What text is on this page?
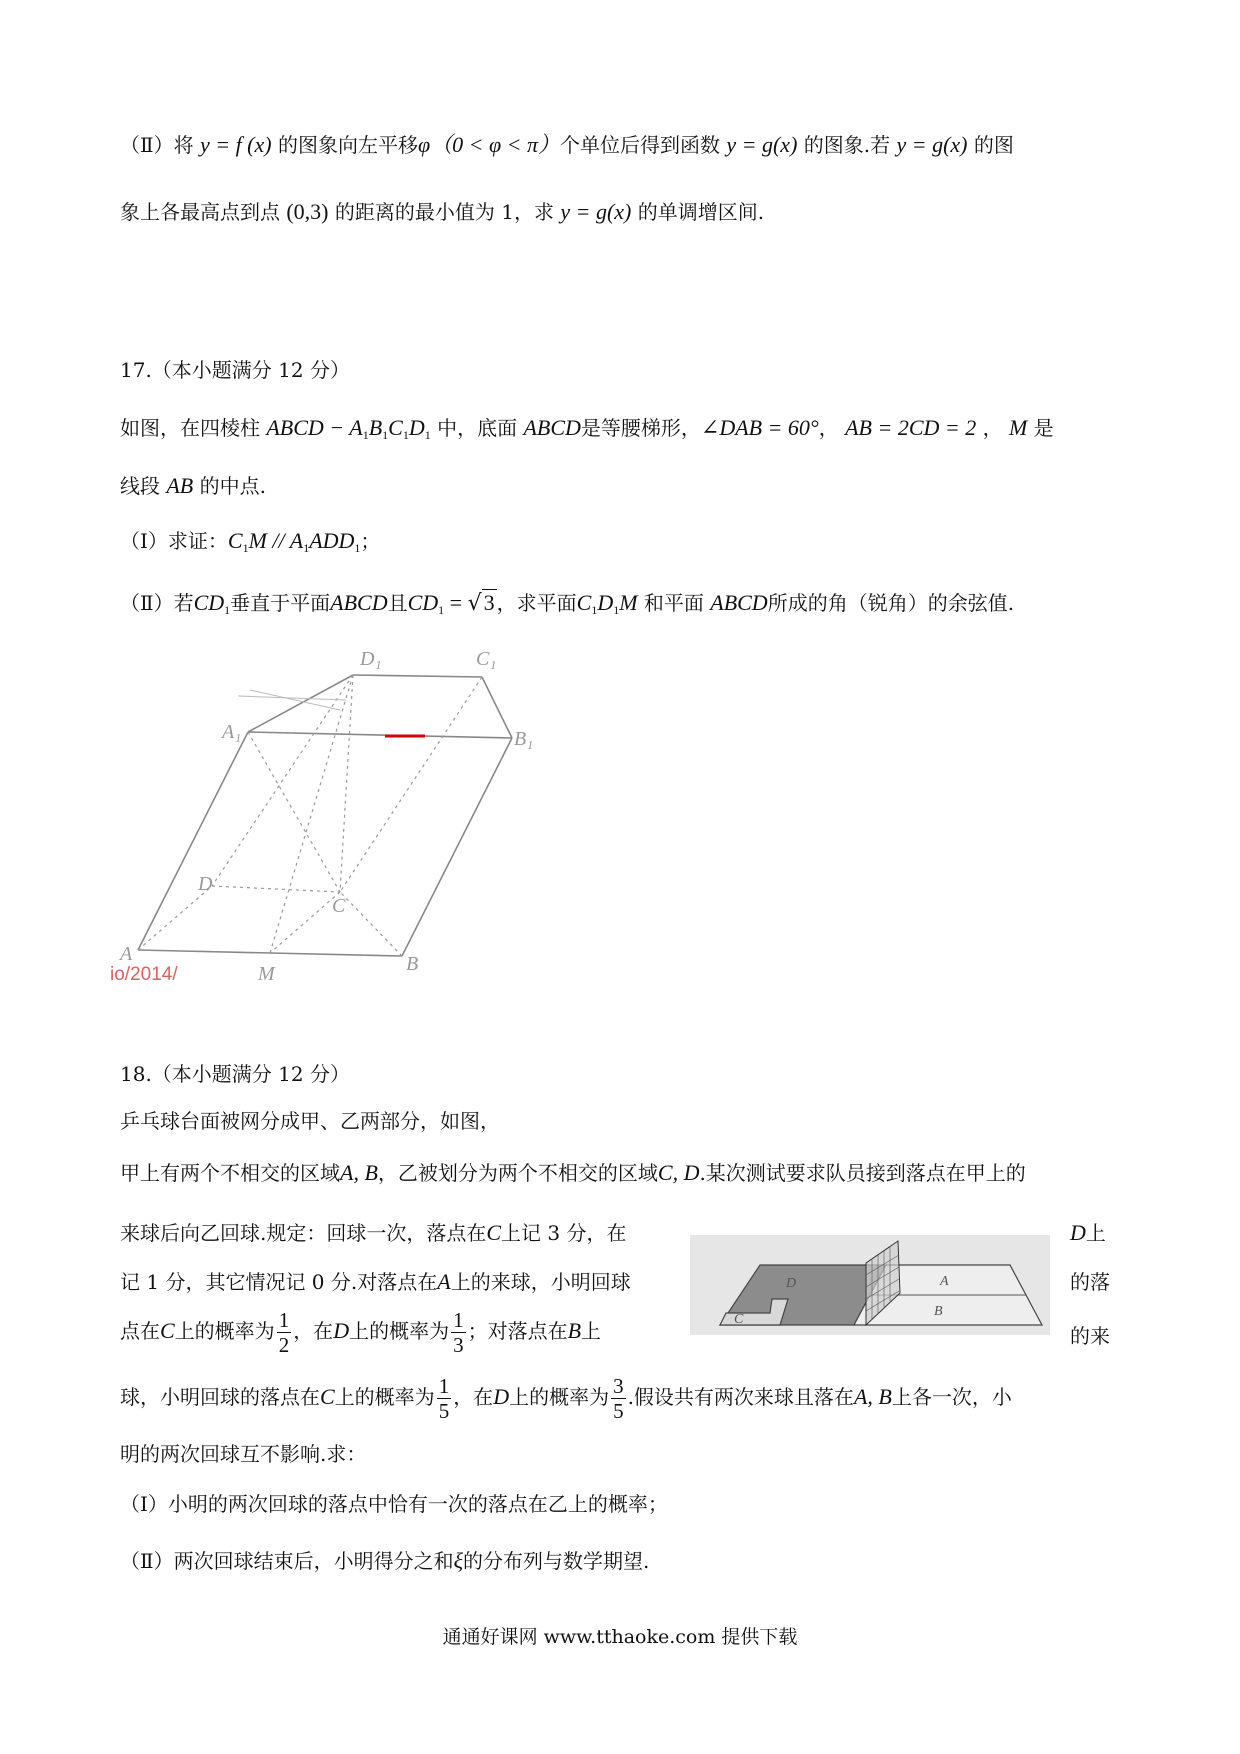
（Ⅱ）将 y = f (x) 的图象向左平移φ（0 < φ < π）个单位后得到函数 y = g(x) 的图象.若 y = g(x) 的图
象上各最高点到点 (0,3) 的距离的最小值为 1，求 y = g(x) 的单调增区间.
17.（本小题满分 12 分）
如图，在四棱柱 ABCD − $A_1B_1C_1D_1$ 中，底面 ABCD是等腰梯形，∠DAB = 60°， AB = 2CD = 2 ， M 是
线段 AB 的中点.
（Ⅰ）求证：$C_1M // A_1ADD_1$；
（Ⅱ）若$CD_1$垂直于平面ABCD且$CD_1 = √3$ ，求平面$C_1D_1M$ 和平面 ABCD所成的角（锐角）的余弦值.
D₁	C₁
A₁	B₁
D
C
A	B
M
io/2014/
18.（本小题满分 12 分）
乒乓球台面被网分成甲、乙两部分，如图，
甲上有两个不相交的区域A, B，乙被划分为两个不相交的区域C, D.某次测试要求队员接到落点在甲上的
来球后向乙回球.规定：回球一次，落点在C上记 3 分，在	D上
记 1 分，其它情况记 0 分.对落点在A上的来球，小明回球	的落
点在C上的概率为 $\frac{1}{2}$ ，在D上的概率为 $\frac{1}{3}$ ；对落点在B上	的来
球，小明回球的落点在C上的概率为 $\frac{1}{5}$ ，在D上的概率为 $\frac{3}{5}$ .假设共有两次来球且落在A, B上各一次，小
明的两次回球互不影响.求：
（Ⅰ）小明的两次回球的落点中恰有一次的落点在乙上的概率；
（Ⅱ）两次回球结束后，小明得分之和ξ的分布列与数学期望.
D	A
B
C
通通好课网 www.tthaoke.com 提供下载
